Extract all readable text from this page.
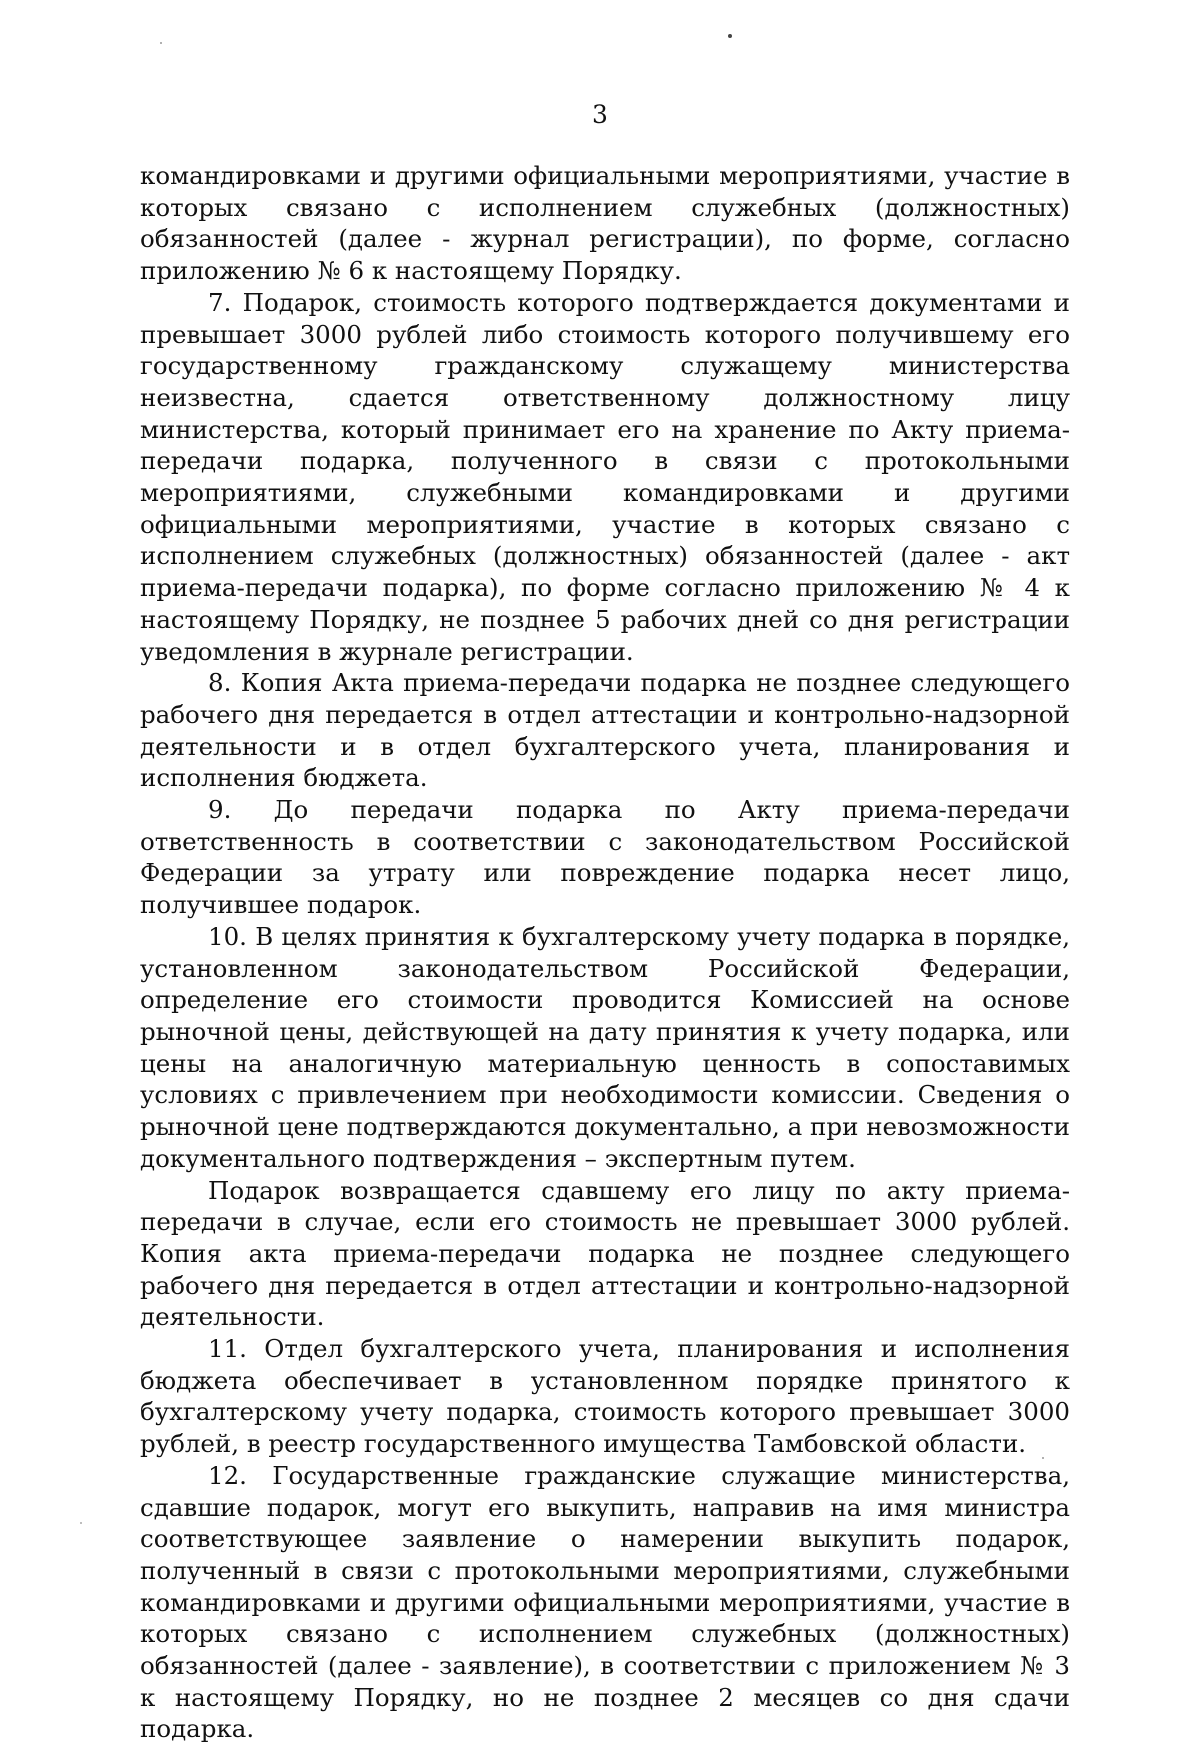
3

командировками и другими официальными мероприятиями, участие в которых связано с исполнением служебных (должностных) обязанностей (далее - журнал регистрации), по форме, согласно приложению № 6 к настоящему Порядку.

7. Подарок, стоимость которого подтверждается документами и превышает 3000 рублей либо стоимость которого получившему его государственному гражданскому служащему министерства неизвестна, сдается ответственному должностному лицу министерства, который принимает его на хранение по Акту приема-передачи подарка, полученного в связи с протокольными мероприятиями, служебными командировками и другими официальными мероприятиями, участие в которых связано с исполнением служебных (должностных) обязанностей (далее - акт приема-передачи подарка), по форме согласно приложению № 4 к настоящему Порядку, не позднее 5 рабочих дней со дня регистрации уведомления в журнале регистрации.

8. Копия Акта приема-передачи подарка не позднее следующего рабочего дня передается в отдел аттестации и контрольно-надзорной деятельности и в отдел бухгалтерского учета, планирования и исполнения бюджета.

9. До передачи подарка по Акту приема-передачи ответственность в соответствии с законодательством Российской Федерации за утрату или повреждение подарка несет лицо, получившее подарок.

10. В целях принятия к бухгалтерскому учету подарка в порядке, установленном законодательством Российской Федерации, определение его стоимости проводится Комиссией на основе рыночной цены, действующей на дату принятия к учету подарка, или цены на аналогичную материальную ценность в сопоставимых условиях с привлечением при необходимости комиссии. Сведения о рыночной цене подтверждаются документально, а при невозможности документального подтверждения – экспертным путем.

Подарок возвращается сдавшему его лицу по акту приема-передачи в случае, если его стоимость не превышает 3000 рублей. Копия акта приема-передачи подарка не позднее следующего рабочего дня передается в отдел аттестации и контрольно-надзорной деятельности.

11. Отдел бухгалтерского учета, планирования и исполнения бюджета обеспечивает в установленном порядке принятого к бухгалтерскому учету подарка, стоимость которого превышает 3000 рублей, в реестр государственного имущества Тамбовской области.

12. Государственные гражданские служащие министерства, сдавшие подарок, могут его выкупить, направив на имя министра соответствующее заявление о намерении выкупить подарок, полученный в связи с протокольными мероприятиями, служебными командировками и другими официальными мероприятиями, участие в которых связано с исполнением служебных (должностных) обязанностей (далее - заявление), в соответствии с приложением № 3 к настоящему Порядку, но не позднее 2 месяцев со дня сдачи подарка.
